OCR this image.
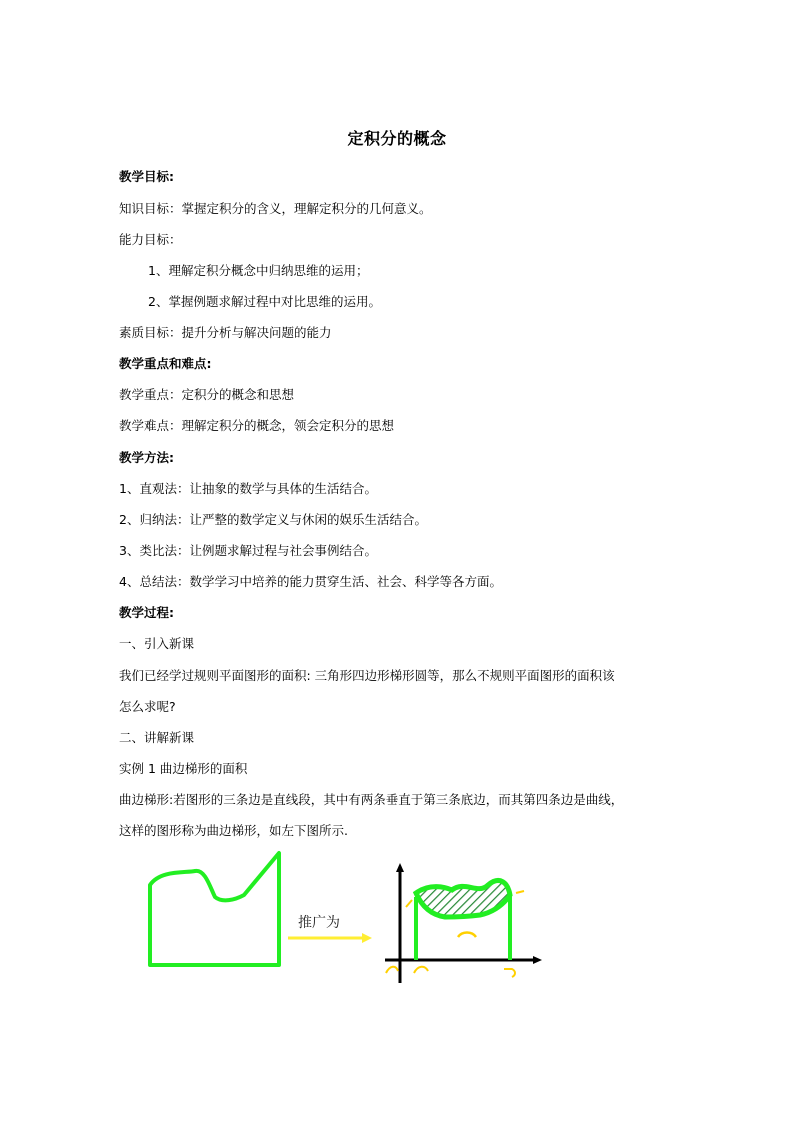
定积分的概念
教学目标:
知识目标：掌握定积分的含义，理解定积分的几何意义。
能力目标：
1、理解定积分概念中归纳思维的运用；
2、掌握例题求解过程中对比思维的运用。
素质目标：提升分析与解决问题的能力
教学重点和难点:
教学重点：定积分的概念和思想
教学难点：理解定积分的概念，领会定积分的思想
教学方法:
1、直观法：让抽象的数学与具体的生活结合。
2、归纳法：让严整的数学定义与休闲的娱乐生活结合。
3、类比法：让例题求解过程与社会事例结合。
4、总结法：数学学习中培养的能力贯穿生活、社会、科学等各方面。
教学过程:
一、引入新课
我们已经学过规则平面图形的面积: 三角形四边形梯形圆等，那么不规则平面图形的面积该
怎么求呢?
二、讲解新课
实例 1 曲边梯形的面积
曲边梯形:若图形的三条边是直线段，其中有两条垂直于第三条底边，而其第四条边是曲线，
这样的图形称为曲边梯形，如左下图所示.
推广为
